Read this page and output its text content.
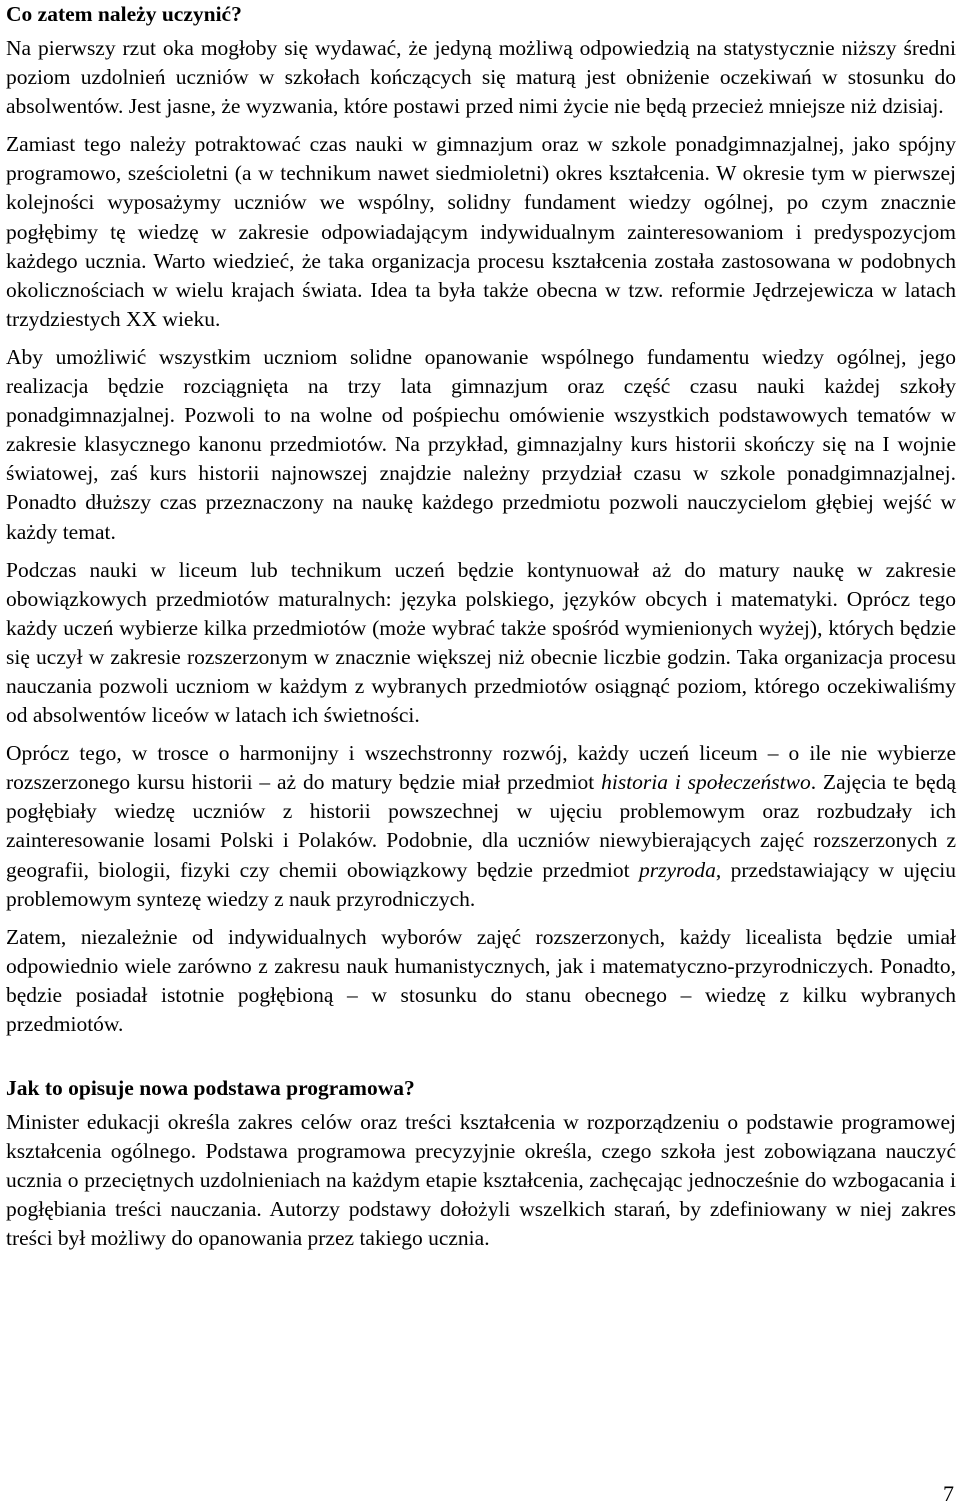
Co zatem należy uczynić?

Na pierwszy rzut oka mogłoby się wydawać, że jedyną możliwą odpowiedzią na statystycznie niższy średni poziom uzdolnień uczniów w szkołach kończących się maturą jest obniżenie oczekiwań w stosunku do absolwentów. Jest jasne, że wyzwania, które postawi przed nimi życie nie będą przecież mniejsze niż dzisiaj.

Zamiast tego należy potraktować czas nauki w gimnazjum oraz w szkole ponadgimnazjalnej, jako spójny programowo, sześcioletni (a w technikum nawet siedmioletni) okres kształcenia. W okresie tym w pierwszej kolejności wyposażymy uczniów we wspólny, solidny fundament wiedzy ogólnej, po czym znacznie pogłębimy tę wiedzę w zakresie odpowiadającym indywidualnym zainteresowaniom i predyspozycjom każdego ucznia. Warto wiedzieć, że taka organizacja procesu kształcenia została zastosowana w podobnych okolicznościach w wielu krajach świata. Idea ta była także obecna w tzw. reformie Jędrzejewicza w latach trzydziestych XX wieku.

Aby umożliwić wszystkim uczniom solidne opanowanie wspólnego fundamentu wiedzy ogólnej, jego realizacja będzie rozciągnięta na trzy lata gimnazjum oraz część czasu nauki każdej szkoły ponadgimnazjalnej. Pozwoli to na wolne od pośpiechu omówienie wszystkich podstawowych tematów w zakresie klasycznego kanonu przedmiotów. Na przykład, gimnazjalny kurs historii skończy się na I wojnie światowej, zaś kurs historii najnowszej znajdzie należny przydział czasu w szkole ponadgimnazjalnej. Ponadto dłuższy czas przeznaczony na naukę każdego przedmiotu pozwoli nauczycielom głębiej wejść w każdy temat.

Podczas nauki w liceum lub technikum uczeń będzie kontynuował aż do matury naukę w zakresie obowiązkowych przedmiotów maturalnych: języka polskiego, języków obcych i matematyki. Oprócz tego każdy uczeń wybierze kilka przedmiotów (może wybrać także spośród wymienionych wyżej), których będzie się uczył w zakresie rozszerzonym w znacznie większej niż obecnie liczbie godzin. Taka organizacja procesu nauczania pozwoli uczniom w każdym z wybranych przedmiotów osiągnąć poziom, którego oczekiwaliśmy od absolwentów liceów w latach ich świetności.

Oprócz tego, w trosce o harmonijny i wszechstronny rozwój, każdy uczeń liceum – o ile nie wybierze rozszerzonego kursu historii – aż do matury będzie miał przedmiot historia i społeczeństwo. Zajęcia te będą pogłębiały wiedzę uczniów z historii powszechnej w ujęciu problemowym oraz rozbudzały ich zainteresowanie losami Polski i Polaków. Podobnie, dla uczniów niewybierających zajęć rozszerzonych z geografii, biologii, fizyki czy chemii obowiązkowy będzie przedmiot przyroda, przedstawiający w ujęciu problemowym syntezę wiedzy z nauk przyrodniczych.

Zatem, niezależnie od indywidualnych wyborów zajęć rozszerzonych, każdy licealista będzie umiał odpowiednio wiele zarówno z zakresu nauk humanistycznych, jak i matematyczno-przyrodniczych. Ponadto, będzie posiadał istotnie pogłębioną – w stosunku do stanu obecnego – wiedzę z kilku wybranych przedmiotów.

Jak to opisuje nowa podstawa programowa?

Minister edukacji określa zakres celów oraz treści kształcenia w rozporządzeniu o podstawie programowej kształcenia ogólnego. Podstawa programowa precyzyjnie określa, czego szkoła jest zobowiązana nauczyć ucznia o przeciętnych uzdolnieniach na każdym etapie kształcenia, zachęcając jednocześnie do wzbogacania i pogłębiania treści nauczania. Autorzy podstawy dołożyli wszelkich starań, by zdefiniowany w niej zakres treści był możliwy do opanowania przez takiego ucznia.

7
